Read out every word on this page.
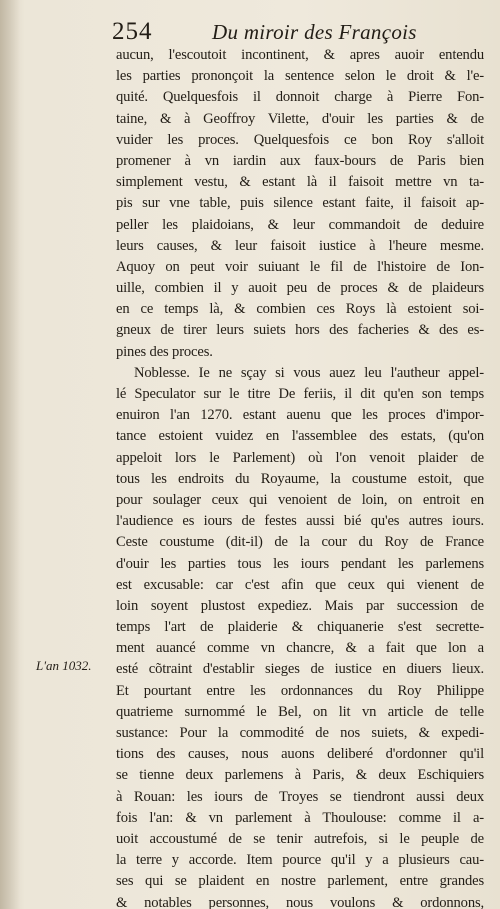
254	Du miroir des François
L'an 1032.
aucun, l'escoutoit incontinent, & apres auoir entendu
les parties prononçoit la sentence selon le droit & l'e-
quité. Quelquesfois il donnoit charge à Pierre Fon-
taine, & à Geoffroy Vilette, d'ouir les parties & de
vuider les proces. Quelquesfois ce bon Roy s'alloit
promener à vn iardin aux faux-bours de Paris bien
simplement vestu, & estant là il faisoit mettre vn ta-
pis sur vne table, puis silence estant faite, il faisoit ap-
peller les plaidoians, & leur commandoit de deduire
leurs causes, & leur faisoit iustice à l'heure mesme.
Aquoy on peut voir suiuant le fil de l'histoire de Ion-
uille, combien il y auoit peu de proces & de plaideurs
en ce temps là, & combien ces Roys là estoient soi-
gneux de tirer leurs suiets hors des facheries & des es-
pines des proces.
Noblesse. Ie ne sçay si vous auez leu l'autheur appel-
lé Speculator sur le titre De feriis, il dit qu'en son temps
enuiron l'an 1270. estant auenu que les proces d'impor-
tance estoient vuidez en l'assemblee des estats, (qu'on
appeloit lors le Parlement) où l'on venoit plaider de
tous les endroits du Royaume, la coustume estoit, que
pour soulager ceux qui venoient de loin, on entroit en
l'audience es iours de festes aussi bié qu'es autres iours.
Ceste coustume (dit-il) de la cour du Roy de France
d'ouir les parties tous les iours pendant les parlemens
est excusable: car c'est afin que ceux qui vienent de
loin soyent plustost expediez. Mais par succession de
temps l'art de plaiderie & chiquanerie s'est secrette-
ment auancé comme vn chancre, & a fait que lon a
esté cõtraint d'establir sieges de iustice en diuers lieux.
Et pourtant entre les ordonnances du Roy Philippe
quatrieme surnommé le Bel, on lit vn article de telle
sustance: Pour la commodité de nos suiets, & expedi-
tions des causes, nous auons deliberé d'ordonner qu'il
se tienne deux parlemens à Paris, & deux Eschiquiers
à Rouan: les iours de Troyes se tiendront aussi deux
fois l'an: & vn parlement à Thoulouse: comme il a-
uoit accoustumé de se tenir autrefois, si le peuple de
la terre y accorde. Item pource qu'il y a plusieurs cau-
ses qui se plaident en nostre parlement, entre grandes
& notables personnes, nous voulons & ordonnons,
